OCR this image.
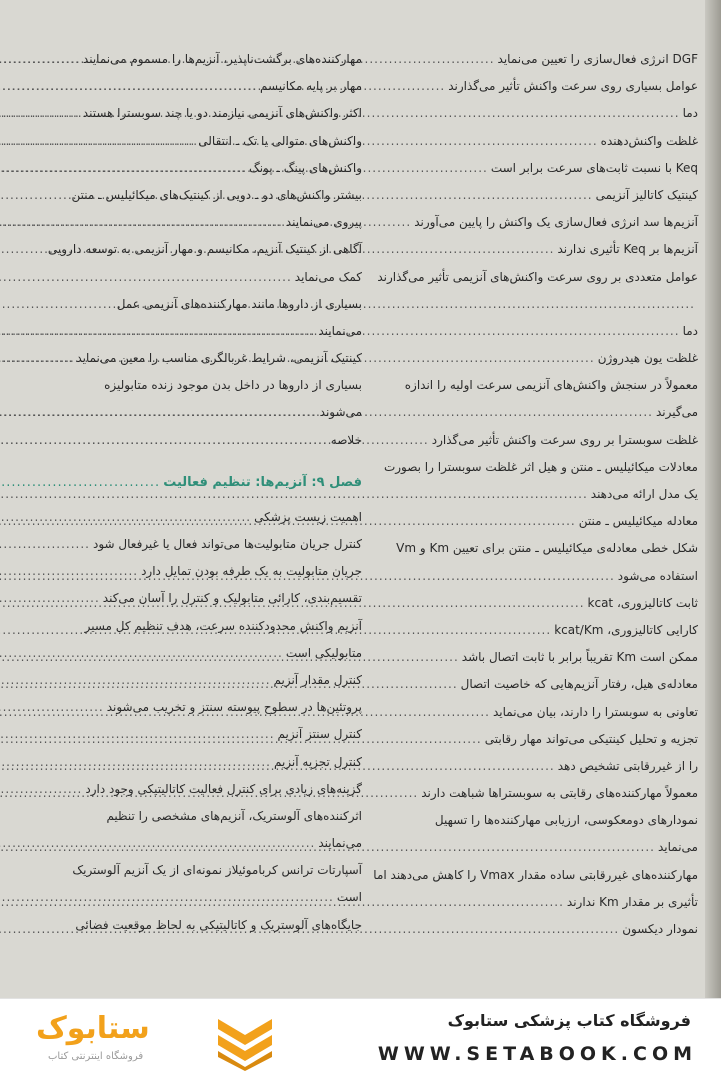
DGF انرژی فعال‌سازی را تعیین می‌نماید
.....
عوامل بسیاری روی سرعت واکنش تأثیر می‌گذارند
.....
دما
.....
غلظت واکنش‌دهنده
.....
Keq با نسبت ثابت‌های سرعت برابر است
.....
کینتیک کاتالیز آنزیمی
.....
آنزیم‌ها سد انرژی فعال‌سازی یک واکنش را پایین می‌آورند
.....
آنزیم‌ها بر Keq تأثیری ندارند
.....
عوامل متعددی بر روی سرعت واکنش‌های آنزیمی تأثیر می‌گذارند
.....
دما
.....
غلظت یون هیدروژن
.....
معمولاً در سنجش واکنش‌های آنزیمی سرعت اولیه را اندازه
می‌گیرند
.....
غلظت سوبسترا بر روی سرعت واکنش تأثیر می‌گذارد
.....
معادلات میکائیلیس ـ منتن و هیل اثر غلظت سوبسترا را بصورت
یک مدل ارائه می‌دهند
.....
معادله میکائیلیس ـ منتن
.....
شکل خطی معادله‌ی میکائیلیس ـ منتن برای تعیین Km و Vm
استفاده می‌شود
.....
ثابت کاتالیزوری، kcat
.....
کارایی کاتالیزوری، kcat/Km
.....
ممکن است Km تقریباً برابر با ثابت اتصال باشد
.....
معادله‌ی هیل، رفتار آنزیم‌هایی که خاصیت اتصال
.....
تعاونی به سوبسترا را دارند، بیان می‌نماید
.....
تجزیه و تحلیل کینتیکی می‌تواند مهار رقابتی
.....
را از غیررقابتی تشخیص دهد
.....
معمولاً مهارکننده‌های رقابتی به سوبستراها شباهت دارند
.....
نمودارهای دومعکوسی، ارزیابی مهارکننده‌ها را تسهیل
می‌نماید
.....
مهارکننده‌های غیررقابتی ساده مقدار Vmax را کاهش می‌دهند اما
تأثیری بر مقدار Km ندارند
.....
نمودار دیکسون
.....
مهارکننده‌های برگشت‌ناپذیر، آنزیم‌ها را مسموم می‌نمایند
.....
مهار بر پایه مکانیسم
.....
اکثر واکنش‌های آنزیمی نیازمند دو یا چند سوبسترا هستند
.....
واکنش‌های متوالی یا تک ـ انتقالی
.....
واکنش‌های پینگ ـ پونگ
.....
بیشتر واکنش‌های دو ـ دویی از کینتیک‌های میکائیلیس ـ منتن
پیروی می‌نمایند
.....
آگاهی از کینتیک آنزیم، مکانیسم و مهار آنزیمی به توسعه دارویی
کمک می‌نماید
.....
بسیاری از داروها مانند مهارکننده‌های آنزیمی عمل
می‌نمایند
.....
کینتیک آنزیمی، شرایط غربالگری مناسب را معین می‌نماید
.....
بسیاری از داروها در داخل بدن موجود زنده متابولیزه
می‌شوند
.....
خلاصه
.....
فصل ۹: آنزیم‌ها: تنظیم فعالیت
.....
اهمیت زیست پزشکی
.....
کنترل جریان متابولیت‌ها می‌تواند فعال یا غیرفعال شود
.....
جریان متابولیت به یک طرفه بودن تمایل دارد
.....
تقسیم‌بندی، کارائی متابولیک و کنترل را آسان می‌کند
.....
آنزیم واکنش محدودکننده سرعت، هدف تنظیم کل مسیر
متابولیکی است
.....
کنترل مقدار آنزیم
.....
پروتئین‌ها در سطوح پیوسته سنتز و تخریب می‌شوند
.....
کنترل سنتز آنزیم
.....
کنترل تجزیه آنزیم
.....
گزینه‌های زیادی برای کنترل فعالیت کاتالیتیکی وجود دارد
.....
اثرکننده‌های آلوستریک، آنزیم‌های مشخصی را تنظیم
می‌نمایند
.....
آسپارتات ترانس کرباموئیلاز نمونه‌ای از یک آنزیم آلوستریک
است
.....
جایگاه‌های آلوستریک و کاتالیتیکی به لحاظ موقعیت فضائی
ستابوک
فروشگاه اینترنتی کتاب
فروشگاه کتاب پزشکی ستابوک
WWW.SETABOOK.COM
